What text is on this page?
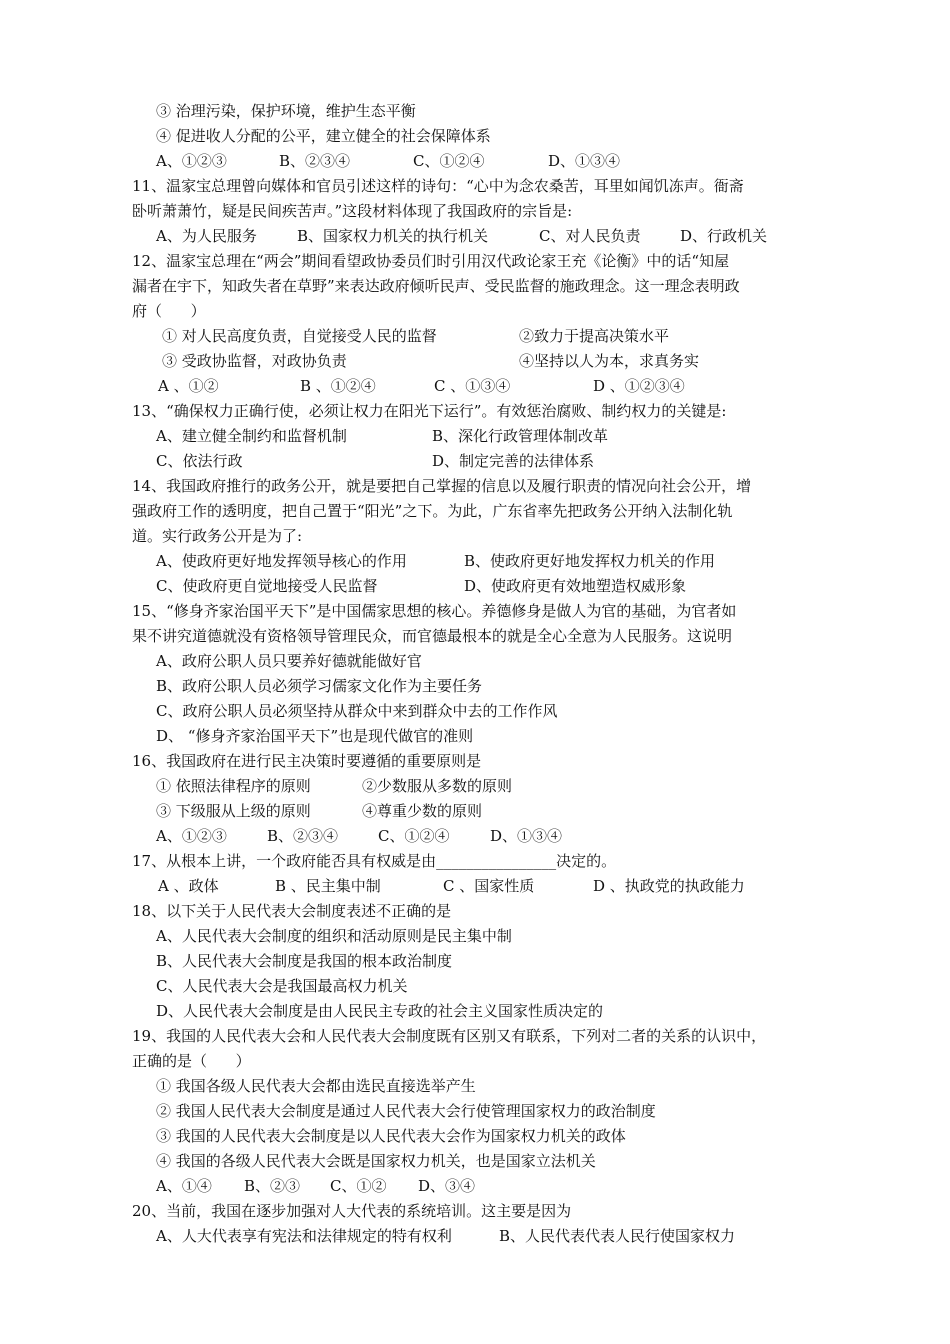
③ 治理污染，保护环境，维护生态平衡
④ 促进收人分配的公平，建立健全的社会保障体系
A、①②③	B、②③④	C、①②④	D、①③④
11、温家宝总理曾向媒体和官员引述这样的诗句：“心中为念农桑苦，耳里如闻饥冻声。衙斋
卧听萧萧竹，疑是民间疾苦声。”这段材料体现了我国政府的宗旨是:
A、为人民服务	B、国家权力机关的执行机关	C、对人民负责	D、行政机关
12、温家宝总理在“两会”期间看望政协委员们时引用汉代政论家王充《论衡》中的话“知屋
漏者在宇下，知政失者在草野”来表达政府倾听民声、受民监督的施政理念。这一理念表明政
府（      ）
① 对人民高度负责，自觉接受人民的监督	②致力于提高决策水平
③ 受政协监督，对政协负责	④坚持以人为本，求真务实
A 、①②	B 、①②④	C 、①③④	D 、①②③④
13、“确保权力正确行使，必须让权力在阳光下运行”。有效惩治腐败、制约权力的关键是:
A、建立健全制约和监督机制	B、深化行政管理体制改革
C、依法行政	D、制定完善的法律体系
14、我国政府推行的政务公开，就是要把自己掌握的信息以及履行职责的情况向社会公开，增
强政府工作的透明度，把自己置于“阳光”之下。为此，广东省率先把政务公开纳入法制化轨
道。实行政务公开是为了:
A、使政府更好地发挥领导核心的作用	B、使政府更好地发挥权力机关的作用
C、使政府更自觉地接受人民监督	D、使政府更有效地塑造权威形象
15、“修身齐家治国平天下”是中国儒家思想的核心。养德修身是做人为官的基础，为官者如
果不讲究道德就没有资格领导管理民众，而官德最根本的就是全心全意为人民服务。这说明
A、政府公职人员只要养好德就能做好官
B、政府公职人员必须学习儒家文化作为主要任务
C、政府公职人员必须坚持从群众中来到群众中去的工作作风
D、 “修身齐家治国平天下”也是现代做官的准则
16、我国政府在进行民主决策时要遵循的重要原则是
① 依照法律程序的原则	②少数服从多数的原则
③ 下级服从上级的原则	④尊重少数的原则
A、①②③	B、②③④	C、①②④	D、①③④
17、从根本上讲，一个政府能否具有权威是由________________决定的。
A 、政体	B 、民主集中制	C 、国家性质	D 、执政党的执政能力
18、以下关于人民代表大会制度表述不正确的是
A、人民代表大会制度的组织和活动原则是民主集中制
B、人民代表大会制度是我国的根本政治制度
C、人民代表大会是我国最高权力机关
D、人民代表大会制度是由人民民主专政的社会主义国家性质决定的
19、我国的人民代表大会和人民代表大会制度既有区别又有联系，下列对二者的关系的认识中，
正确的是（      ）
① 我国各级人民代表大会都由选民直接选举产生
② 我国人民代表大会制度是通过人民代表大会行使管理国家权力的政治制度
③ 我国的人民代表大会制度是以人民代表大会作为国家权力机关的政体
④ 我国的各级人民代表大会既是国家权力机关，也是国家立法机关
A、①④ B、②③ C、①② D、③④
20、当前，我国在逐步加强对人大代表的系统培训。这主要是因为
A、人大代表享有宪法和法律规定的特有权利	B、人民代表代表人民行使国家权力
